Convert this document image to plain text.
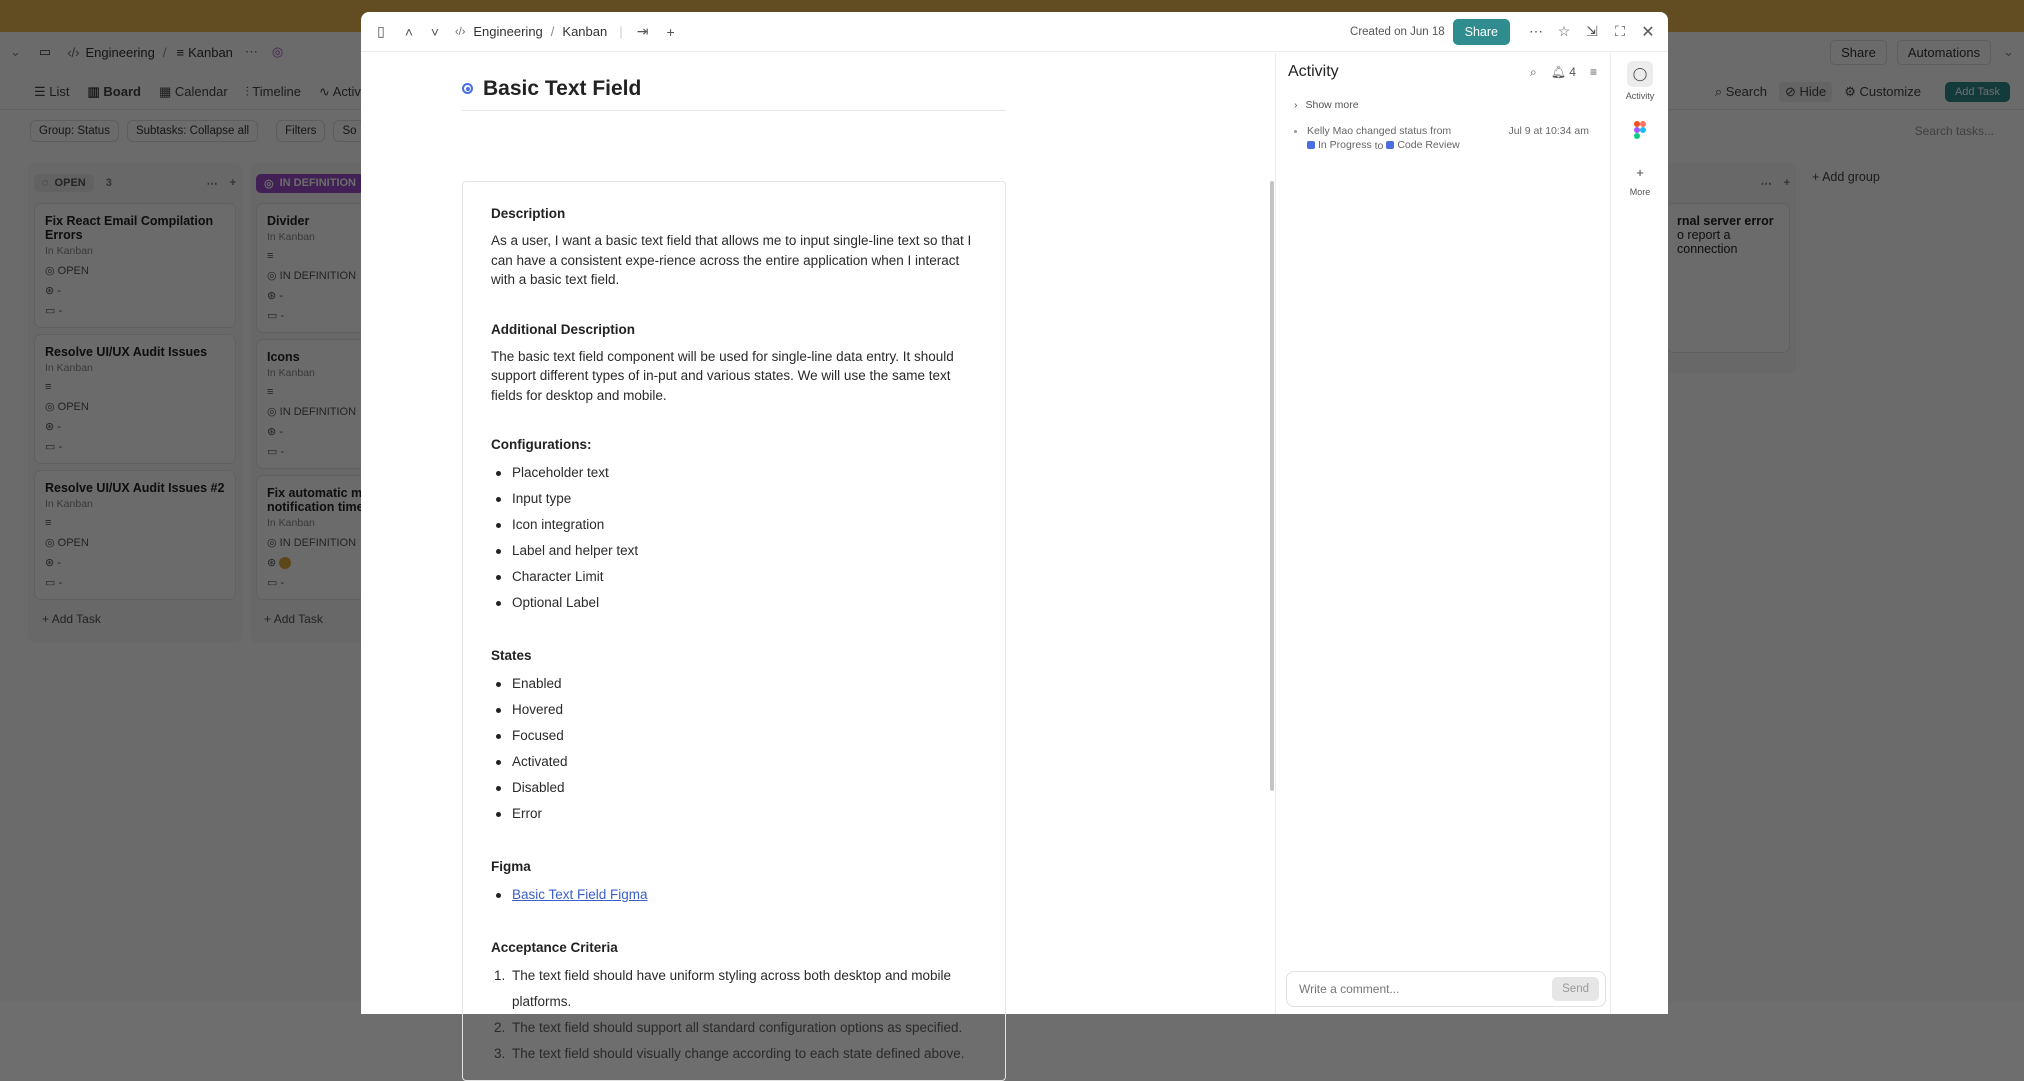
▯	˄	˅	‹/› Engineering / Kanban |	⇥	+	Created on Jun 18	Share	⋯	☆	⇲	⛶	✕
Basic Text Field
Description
As a user, I want a basic text field that allows me to input single-line text so that I can have a consistent expe-rience across the entire application when I interact with a basic text field.
Additional Description
The basic text field component will be used for single-line data entry. It should support different types of in-put and various states. We will use the same text fields for desktop and mobile.
Configurations:
Placeholder text
Input type
Icon integration
Label and helper text
Character Limit
Optional Label
States
Enabled
Hovered
Focused
Activated
Disabled
Error
Figma
Basic Text Field Figma
Acceptance Criteria
1. The text field should have uniform styling across both desktop and mobile platforms.
2. The text field should support all standard configuration options as specified.
3. The text field should visually change according to each state defined above.
Activity	⌕ 🔔︎ 4 ≡
› Show more
Kelly Mao changed status from
In Progress to Code Review
Jul 9 at 10:34 am
Write a comment...
Send
◯
Activity
+
More
